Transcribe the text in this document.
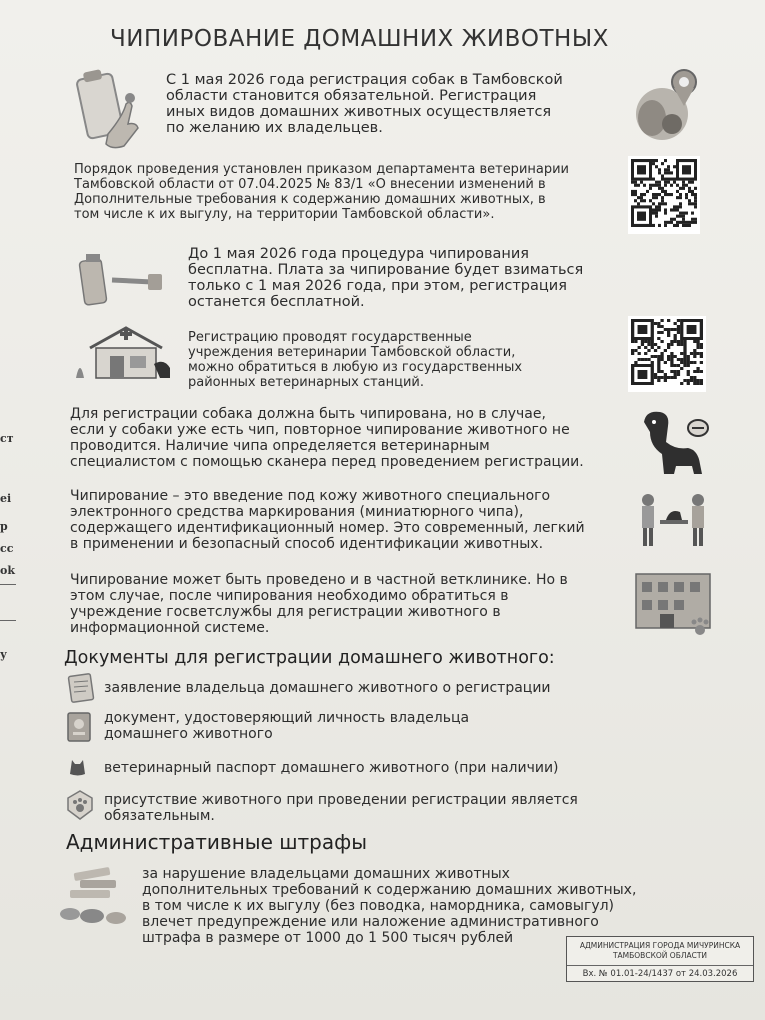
ст
ei
р
сс
ok
у
ЧИПИРОВАНИЕ ДОМАШНИХ ЖИВОТНЫХ
С 1 мая 2026 года регистрация собак в Тамбовской
области становится обязательной. Регистрация
иных видов домашних животных осуществляется
по желанию их владельцев.
Порядок проведения установлен приказом департамента ветеринарии
Тамбовской области от 07.04.2025 № 83/1 «О внесении изменений в
Дополнительные требования к содержанию домашних животных, в
том числе к их выгулу, на территории Тамбовской области».
До 1 мая 2026 года процедура чипирования
бесплатна. Плата за чипирование будет взиматься
только с 1 мая 2026 года, при этом, регистрация
останется бесплатной.
Регистрацию проводят государственные
учреждения ветеринарии Тамбовской области,
можно обратиться в любую из государственных
районных ветеринарных станций.
Для регистрации собака должна быть чипирована, но в случае,
если у собаки уже есть чип, повторное чипирование животного не
проводится. Наличие чипа определяется ветеринарным
специалистом с помощью сканера перед проведением регистрации.
Чипирование – это введение под кожу животного специального
электронного средства маркирования (миниатюрного чипа),
содержащего идентификационный номер. Это современный, легкий
в применении и безопасный способ идентификации животных.
Чипирование может быть проведено и в частной ветклинике. Но в
этом случае, после чипирования необходимо обратиться в
учреждение госветслужбы для регистрации животного в
информационной системе.
Документы для регистрации домашнего животного:
заявление владельца домашнего животного о регистрации
документ, удостоверяющий личность владельца
домашнего животного
ветеринарный паспорт домашнего животного (при наличии)
присутствие животного при проведении регистрации является
обязательным.
Административные штрафы
за нарушение владельцами домашних животных
дополнительных требований к содержанию домашних животных,
в том числе к их выгулу (без поводка, намордника, самовыгул)
влечет предупреждение или наложение административного
штрафа в размере от 1000 до 1 500 тысяч рублей	АДМИНИСТРАЦИЯ ГОРОДА МИЧУРИНСКА
ТАМБОВСКОЙ ОБЛАСТИ
Вх. № 01.01-24/1437 от 24.03.2026
